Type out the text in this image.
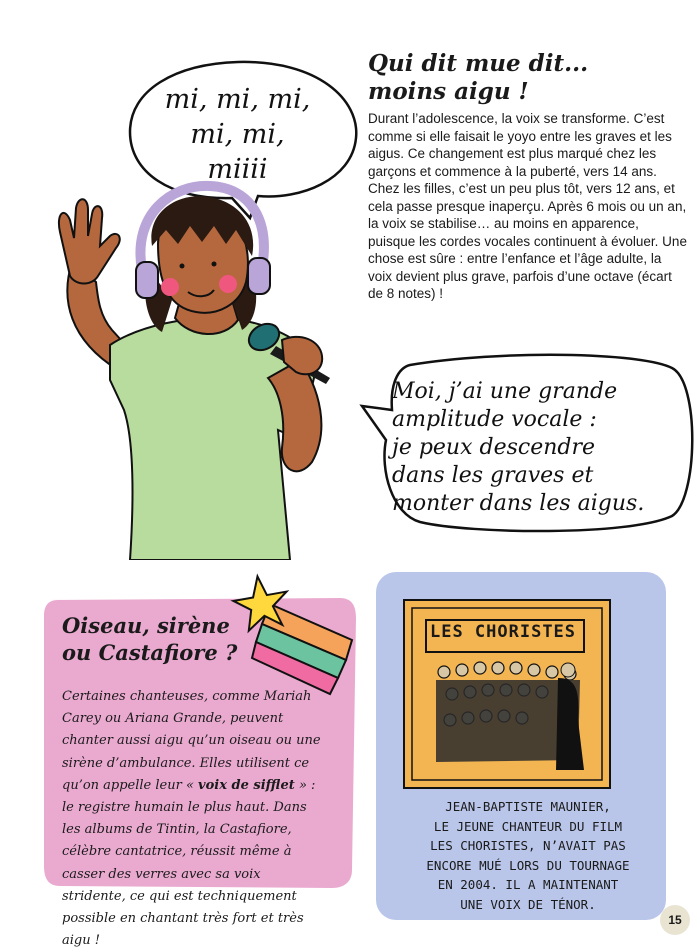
mi, mi, mi,
mi, mi,
miiii
Moi, j’ai une grande
amplitude vocale :
je peux descendre
dans les graves et
monter dans les aigus.
Qui dit mue dit...
moins aigu !

Durant l’adolescence, la voix se transforme. C’est comme si elle faisait le yoyo entre les graves et les aigus. Ce changement est plus marqué chez les garçons et commence à la puberté, vers 14 ans. Chez les filles, c’est un peu plus tôt, vers 12 ans, et cela passe presque inaperçu. Après 6 mois ou un an, la voix se stabilise… au moins en apparence, puisque les cordes vocales continuent à évoluer. Une chose est sûre : entre l’enfance et l’âge adulte, la voix devient plus grave, parfois d’une octave (écart de 8 notes) !

Oiseau, sirène
ou Castafiore ?

Certaines chanteuses, comme Mariah Carey ou Ariana Grande, peuvent chanter aussi aigu qu’un oiseau ou une sirène d’ambulance. Elles utilisent ce qu’on appelle leur « voix de sifflet » : le registre humain le plus haut. Dans les albums de Tintin, la Castafiore, célèbre cantatrice, réussit même à casser des verres avec sa voix stridente, ce qui est techniquement possible en chantant très fort et très aigu !

LES CHORISTES

JEAN-BAPTISTE MAUNIER,
LE JEUNE CHANTEUR DU FILM
LES CHORISTES, N’AVAIT PAS
ENCORE MUÉ LORS DU TOURNAGE
EN 2004. IL A MAINTENANT
UNE VOIX DE TÉNOR.

15
